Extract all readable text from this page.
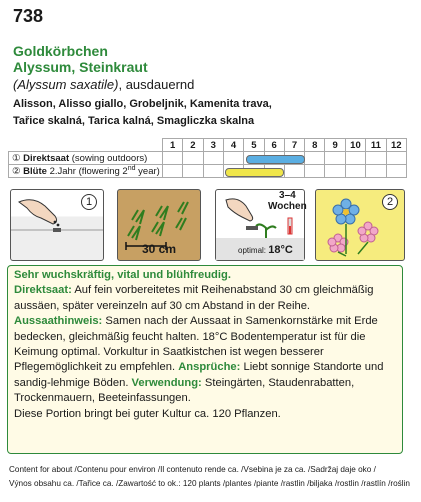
738
Goldkörbchen
Alyssum, Steinkraut
(Alyssum saxatile), ausdauernd
Alisson, Alisso giallo, Grobeljnik, Kamenita trava,
Tařice skalná, Tarica kalná, Smagliczka skalna
	1	2	3	4	5	6	7	8	9	10	11	12
① Direktsaat (sowing outdoors)												
② Blüte 2.Jahr (flowering 2nd year)												
1
30 cm
3–4
Wochen
optimal: 18°C
2
Sehr wuchskräftig, vital und blühfreudig.
Direktsaat: Auf fein vorbereitetes mit Reihenabstand 30 cm gleichmäßig aussäen, später vereinzeln auf 30 cm Abstand in der Reihe.
Aussaathinweis: Samen nach der Aussaat in Samenkornstärke mit Erde bedecken, gleichmäßig feucht halten. 18°C Bodentemperatur ist für die Keimung optimal. Vorkultur in Saatkistchen ist wegen besserer Pflegemöglichkeit zu empfehlen. Ansprüche: Liebt sonnige Standorte und sandig-lehmige Böden. Verwendung: Steingärten, Staudenrabatten, Trockenmauern, Beeteinfassungen.
Diese Portion bringt bei guter Kultur ca. 120 Pflanzen.
Content for about /Contenu pour environ /Il contenuto rende ca. /Vsebina je za ca. /Sadržaj daje oko /
Výnos obsahu ca. /Tařice ca. /Zawartość to ok.: 120 plants /plantes /piante /rastlin /biljaka /rostlin /rastlín /roślin
